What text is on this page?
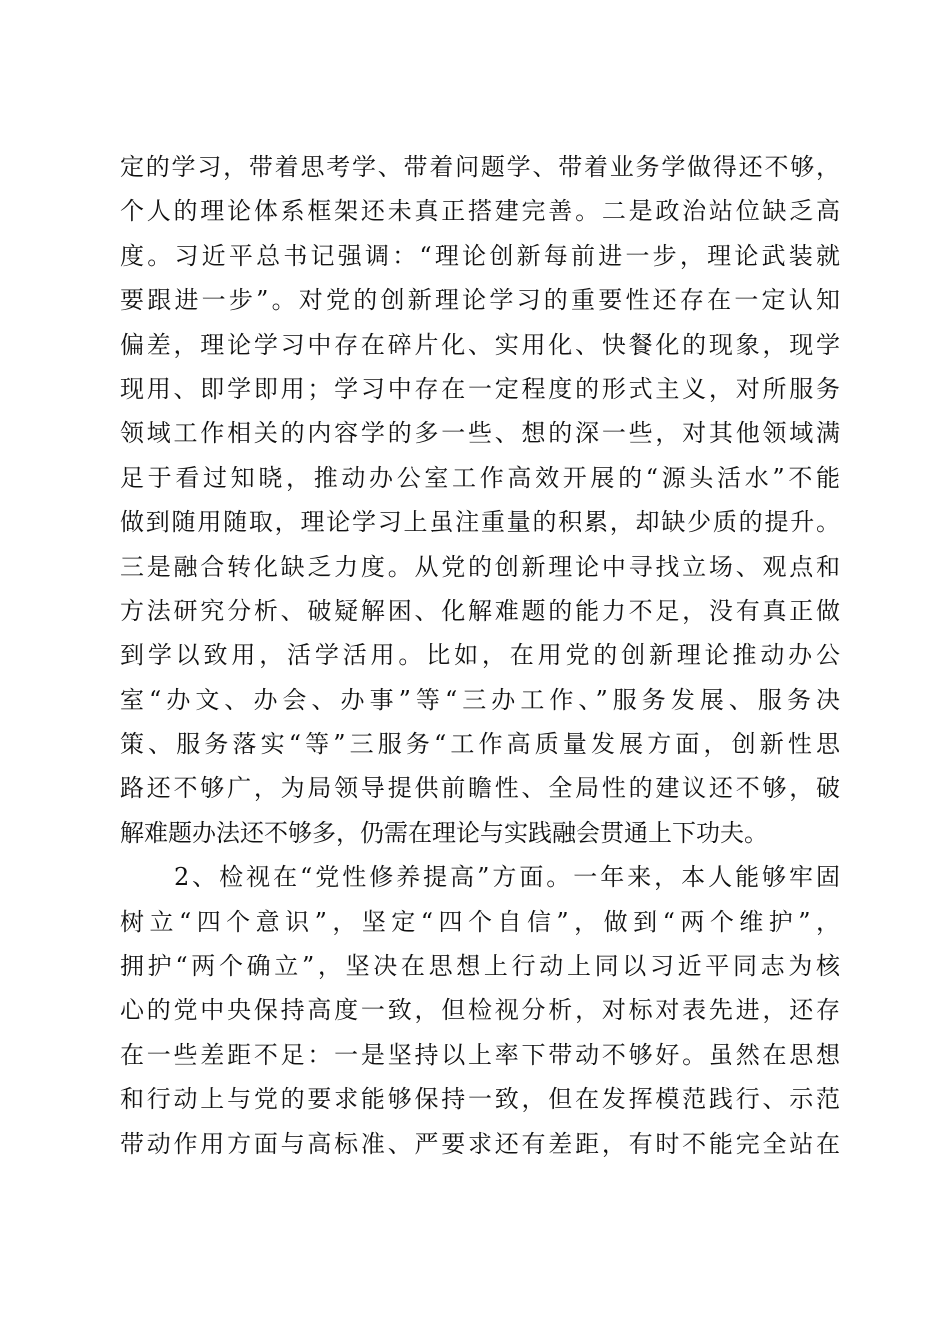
定的学习，带着思考学、带着问题学、带着业务学做得还不够，
个人的理论体系框架还未真正搭建完善。二是政治站位缺乏高
度。习近平总书记强调：“理论创新每前进一步，理论武装就
要跟进一步”。对党的创新理论学习的重要性还存在一定认知
偏差，理论学习中存在碎片化、实用化、快餐化的现象，现学
现用、即学即用；学习中存在一定程度的形式主义，对所服务
领域工作相关的内容学的多一些、想的深一些，对其他领域满
足于看过知晓，推动办公室工作高效开展的“源头活水”不能
做到随用随取，理论学习上虽注重量的积累，却缺少质的提升。
三是融合转化缺乏力度。从党的创新理论中寻找立场、观点和
方法研究分析、破疑解困、化解难题的能力不足，没有真正做
到学以致用，活学活用。比如，在用党的创新理论推动办公
室“办文、办会、办事”等“三办工作、”服务发展、服务决
策、服务落实“等”三服务“工作高质量发展方面，创新性思
路还不够广，为局领导提供前瞻性、全局性的建议还不够，破
解难题办法还不够多，仍需在理论与实践融会贯通上下功夫。
　　2、检视在“党性修养提高”方面。一年来，本人能够牢固
树立“四个意识”，坚定“四个自信”，做到“两个维护”，
拥护“两个确立”，坚决在思想上行动上同以习近平同志为核
心的党中央保持高度一致，但检视分析，对标对表先进，还存
在一些差距不足：一是坚持以上率下带动不够好。虽然在思想
和行动上与党的要求能够保持一致，但在发挥模范践行、示范
带动作用方面与高标准、严要求还有差距，有时不能完全站在
